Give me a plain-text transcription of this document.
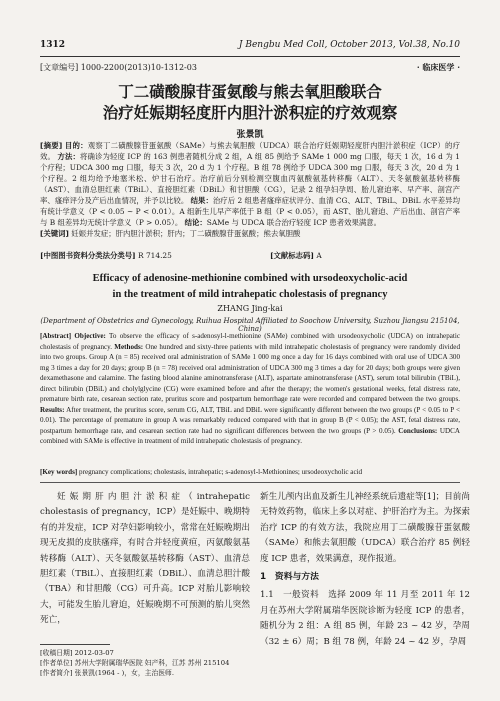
1312	J Bengbu Med Coll, October 2013, Vol.38, No.10
[文章编号] 1000-2200(2013)10-1312-03	· 临床医学 ·
丁二磺酸腺苷蛋氨酸与熊去氧胆酸联合
治疗妊娠期轻度肝内胆汁淤积症的疗效观察
张景凯
[摘要] 目的：观察丁二磺酸腺苷蛋氨酸（SAMe）与熊去氧胆酸（UDCA）联合治疗妊娠期轻度肝内胆汁淤积症（ICP）的疗效。 方法：将确诊为轻度 ICP 的 163 例患者随机分成 2 组，A 组 85 例给予 SAMe 1 000 mg 口服，每天 1 次，16 d 为 1 个疗程；UDCA 300 mg 口服，每天 3 次，20 d 为 1 个疗程。B 组 78 例给予 UDCA 300 mg 口服，每天 3 次，20 d 为 1 个疗程。2 组均给予地塞米松、炉甘石治疗。治疗前后分别检测空腹血丙氨酸氨基转移酶（ALT）、天冬氨酸氨基转移酶（AST）、血清总胆红素（TBiL）、直接胆红素（DBiL）和甘胆酸（CG），记录 2 组孕妇孕周、胎儿窘迫率、早产率、剖宫产率、瘙痒评分及产后出血情况，并予以比较。 结果：治疗后 2 组患者瘙痒症状评分、血清 CG、ALT、TBiL、DBiL 水平差异均有统计学意义（P < 0.05 ~ P < 0.01）。A 组新生儿早产率低于 B 组（P < 0.05），而 AST、胎儿窘迫、产后出血、剖宫产率与 B 组差异均无统计学意义（P > 0.05）。 结论：SAMe 与 UDCA 联合治疗轻度 ICP 患者效果满意。
[关键词] 妊娠并发症；肝内胆汁淤积；肝内；丁二磺酸腺苷蛋氨酸；熊去氧胆酸
[中图图书资料分类法分类号] R 714.25	[文献标志码] A
Efficacy of adenosine-methionine combined with ursodeoxycholic-acid
in the treatment of mild intrahepatic cholestasis of pregnancy
ZHANG Jing-kai
(Department of Obstetrics and Gynecology, Ruihua Hospital Affiliated to Soochow University, Suzhou Jiangsu 215104, China)
[Abstract] Objective: To observe the efficacy of s-adenosyl-l-methionine (SAMe) combined with ursodeoxycholic (UDCA) on intrahepatic cholestasis of pregnancy. Methods: One hundred and sixty-three patients with mild intrahepatic cholestasis of pregnancy were randomly divided into two groups. Group A (n = 85) received oral administration of SAMe 1 000 mg once a day for 16 days combined with oral use of UDCA 300 mg 3 times a day for 20 days; group B (n = 78) received oral administration of UDCA 300 mg 3 times a day for 20 days; both groups were given dexamethasone and calamine. The fasting blood alanine aminotransferase (ALT), aspartate aminotransferase (AST), serum total bilirubin (TBiL), direct bilirubin (DBiL) and cholylglycine (CG) were examined before and after the therapy; the women's gestational weeks, fetal distress rate, premature birth rate, cesarean section rate, pruritus score and postpartum hemorrhage rate were recorded and compared between the two groups. Results: After treatment, the pruritus score, serum CG, ALT, TBiL and DBiL were significantly different between the two groups (P < 0.05 to P < 0.01). The percentage of premature in group A was remarkably reduced compared with that in group B (P < 0.05); the AST, fetal distress rate, postpartum hemorrhage rate, and cesarean section rate had no significant differences between the two groups (P > 0.05). Conclusions: UDCA combined with SAMe is effective in treatment of mild intrahepatic cholestasis of pregnancy.
[Key words] pregnancy complications; cholestasis, intrahepatic; s-adenosyl-l-Methionines; ursodeoxycholic acid
妊娠期肝内胆汁淤积症（intrahepatic cholestasis of pregnancy，ICP）是妊娠中、晚期特有的并发症，ICP 对孕妇影响较小，常常在妊娠晚期出现无皮损的皮肤瘙痒，有时合并轻度黄疸，丙氨酸氨基转移酶（ALT）、天冬氨酸氨基转移酶（AST）、血清总胆红素（TBiL）、直接胆红素（DBiL）、血清总胆汁酸（TBA）和甘胆酸（CG）可升高。ICP 对胎儿影响较大，可能发生胎儿窘迫，妊娠晚期不可预测的胎儿突然死亡，

新生儿颅内出血及新生儿神经系统后遗症等[1]；目前尚无特效药物，临床上多以对症、护肝治疗为主。为探索治疗 ICP 的有效方法，我院应用丁二磺酸腺苷蛋氨酸（SAMe）和熊去氧胆酸（UDCA）联合治疗 85 例轻度 ICP 患者，效果满意，现作报道。

1　资料与方法

1.1　一般资料　选择 2009 年 11 月至 2011 年 12 月在苏州大学附属瑞华医院诊断为轻度 ICP 的患者，随机分为 2 组：A 组 85 例，年龄 23 ~ 42 岁，孕周（32 ± 6）周；B 组 78 例，年龄 24 ~ 42 岁，孕周

[收稿日期] 2012-03-07
[作者单位] 苏州大学附属瑞华医院 妇产科，江苏 苏州 215104
[作者简介] 张景凯(1964 - )，女，主治医师.
